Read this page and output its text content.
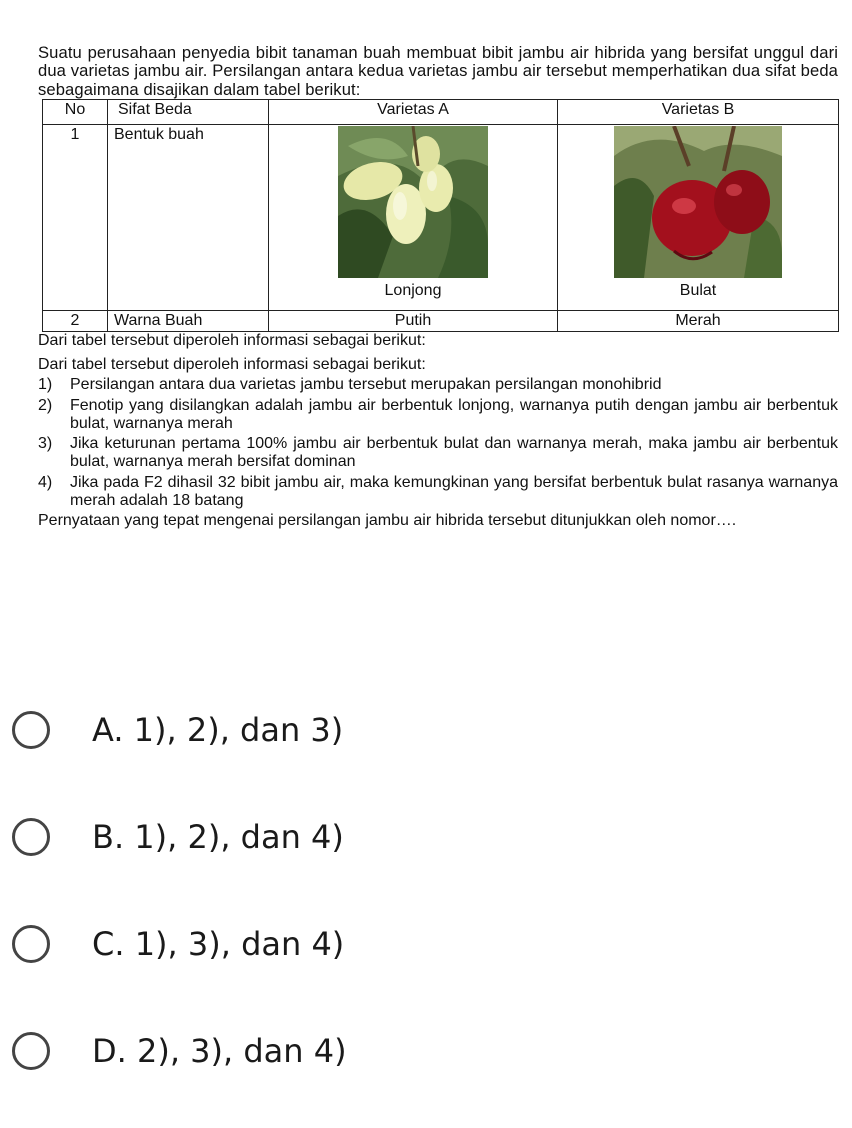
Suatu perusahaan penyedia bibit tanaman buah membuat bibit jambu air hibrida yang bersifat unggul dari dua varietas jambu air. Persilangan antara kedua varietas jambu air tersebut memperhatikan dua sifat beda sebagaimana disajikan dalam tabel berikut:

No	Sifat Beda	Varietas A	Varietas B
1	Bentuk buah	Lonjong	Bulat

2	Warna Buah	Putih	Merah

Dari tabel tersebut diperoleh informasi sebagai berikut:

Dari tabel tersebut diperoleh informasi sebagai berikut:

1)	Persilangan antara dua varietas jambu tersebut merupakan persilangan monohibrid
2)	Fenotip yang disilangkan adalah jambu air berbentuk lonjong, warnanya putih dengan jambu air berbentuk bulat, warnanya merah
3)	Jika keturunan pertama 100% jambu air berbentuk bulat dan warnanya merah, maka jambu air berbentuk bulat, warnanya merah bersifat dominan
4)	Jika pada F2 dihasil 32 bibit jambu air, maka kemungkinan yang bersifat berbentuk bulat rasanya warnanya merah adalah 18 batang

Pernyataan yang tepat mengenai persilangan jambu air hibrida tersebut ditunjukkan oleh nomor….

A. 1), 2), dan 3)
B. 1), 2), dan 4)
C. 1), 3), dan 4)
D. 2), 3), dan 4)
